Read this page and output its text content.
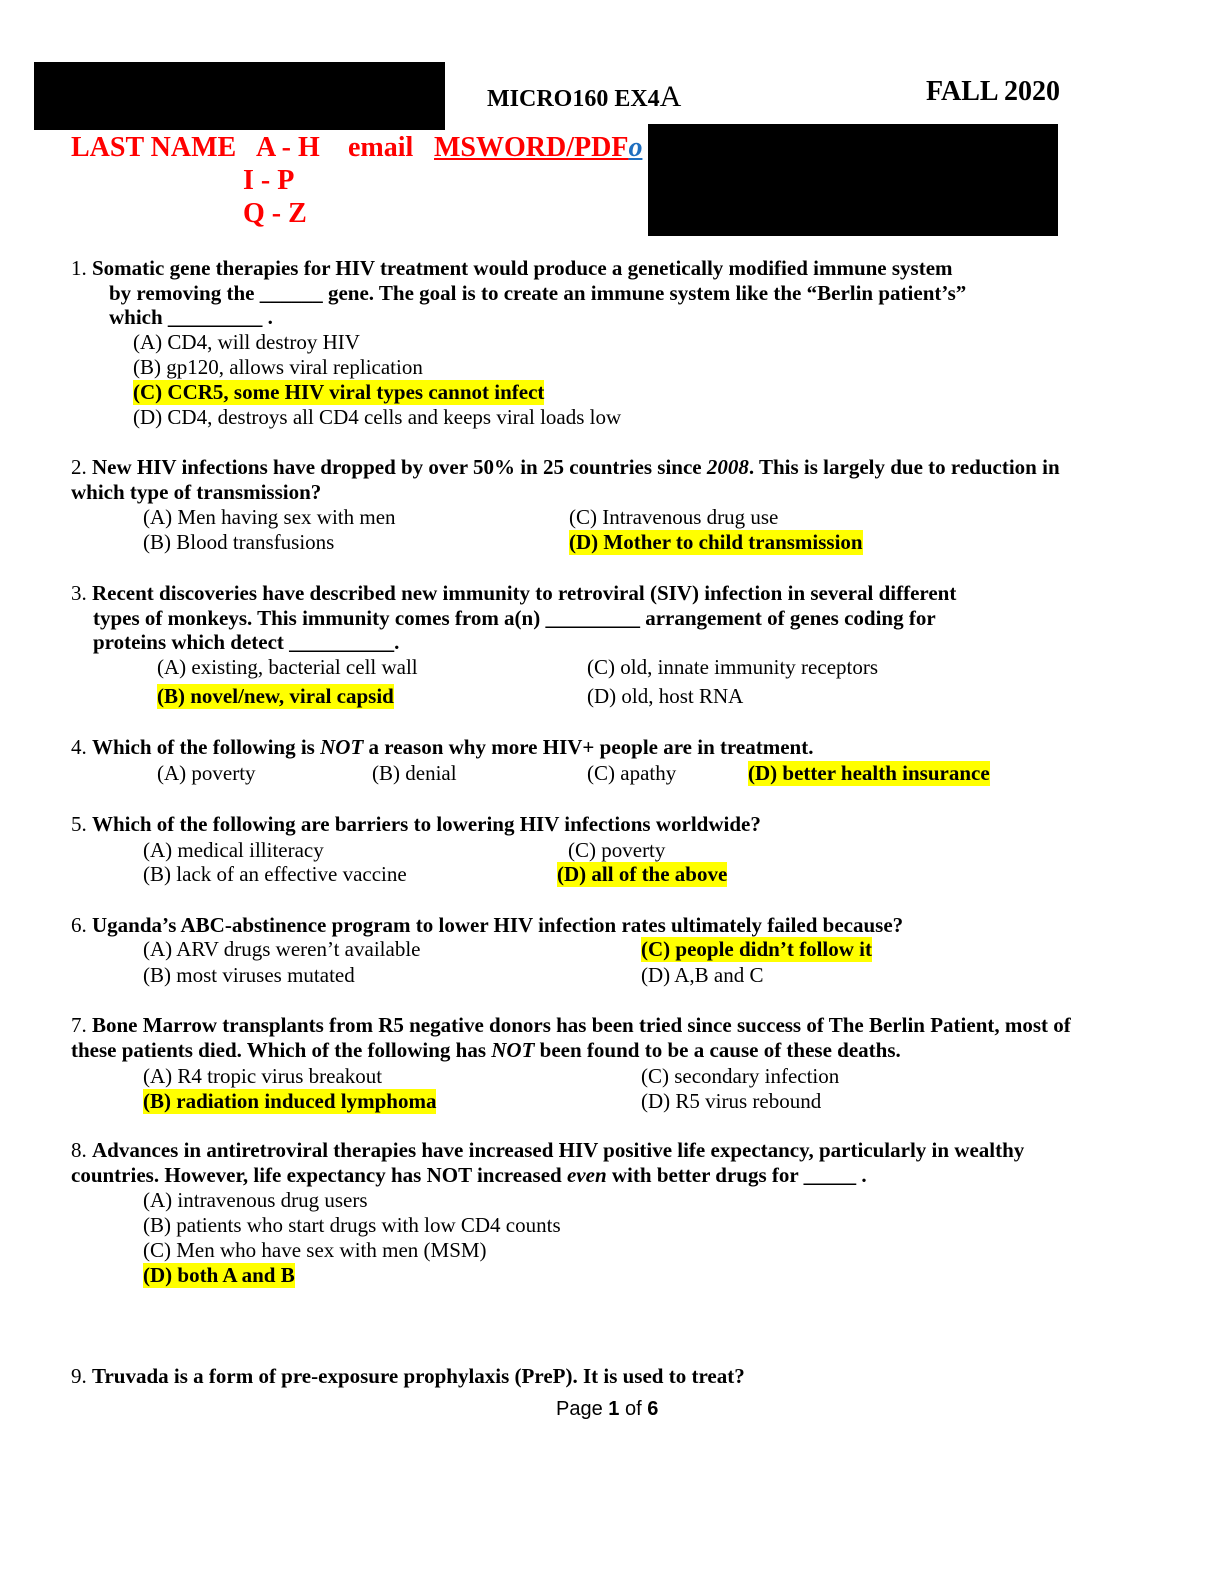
MICRO160 EX4A	FALL 2020
LAST NAME A - H email MSWORD/PDFo
I - P
Q - Z
1. Somatic gene therapies for HIV treatment would produce a genetically modified immune system
by removing the ______ gene. The goal is to create an immune system like the “Berlin patient’s”
which _________ .
(A) CD4, will destroy HIV
(B) gp120, allows viral replication
(C) CCR5, some HIV viral types cannot infect
(D) CD4, destroys all CD4 cells and keeps viral loads low
2. New HIV infections have dropped by over 50% in 25 countries since 2008. This is largely due to reduction in
which type of transmission?
(A) Men having sex with men
(B) Blood transfusions
(C) Intravenous drug use
(D) Mother to child transmission
3. Recent discoveries have described new immunity to retroviral (SIV) infection in several different
types of monkeys. This immunity comes from a(n) _________ arrangement of genes coding for
proteins which detect __________.
(A) existing, bacterial cell wall
(B) novel/new, viral capsid
(C) old, innate immunity receptors
(D) old, host RNA
4. Which of the following is NOT a reason why more HIV+ people are in treatment.
(A) poverty	(B) denial	(C) apathy	(D) better health insurance
5. Which of the following are barriers to lowering HIV infections worldwide?
(A) medical illiteracy
(B) lack of an effective vaccine
(C) poverty
(D) all of the above
6. Uganda’s ABC-abstinence program to lower HIV infection rates ultimately failed because?
(A) ARV drugs weren’t available
(B) most viruses mutated
(C) people didn’t follow it
(D) A,B and C
7. Bone Marrow transplants from R5 negative donors has been tried since success of The Berlin Patient, most of
these patients died. Which of the following has NOT been found to be a cause of these deaths.
(A) R4 tropic virus breakout
(B) radiation induced lymphoma
(C) secondary infection
(D) R5 virus rebound
8. Advances in antiretroviral therapies have increased HIV positive life expectancy, particularly in wealthy
countries. However, life expectancy has NOT increased even with better drugs for _____ .
(A) intravenous drug users
(B) patients who start drugs with low CD4 counts
(C) Men who have sex with men (MSM)
(D) both A and B
9. Truvada is a form of pre-exposure prophylaxis (PreP). It is used to treat?
Page 1 of 6
